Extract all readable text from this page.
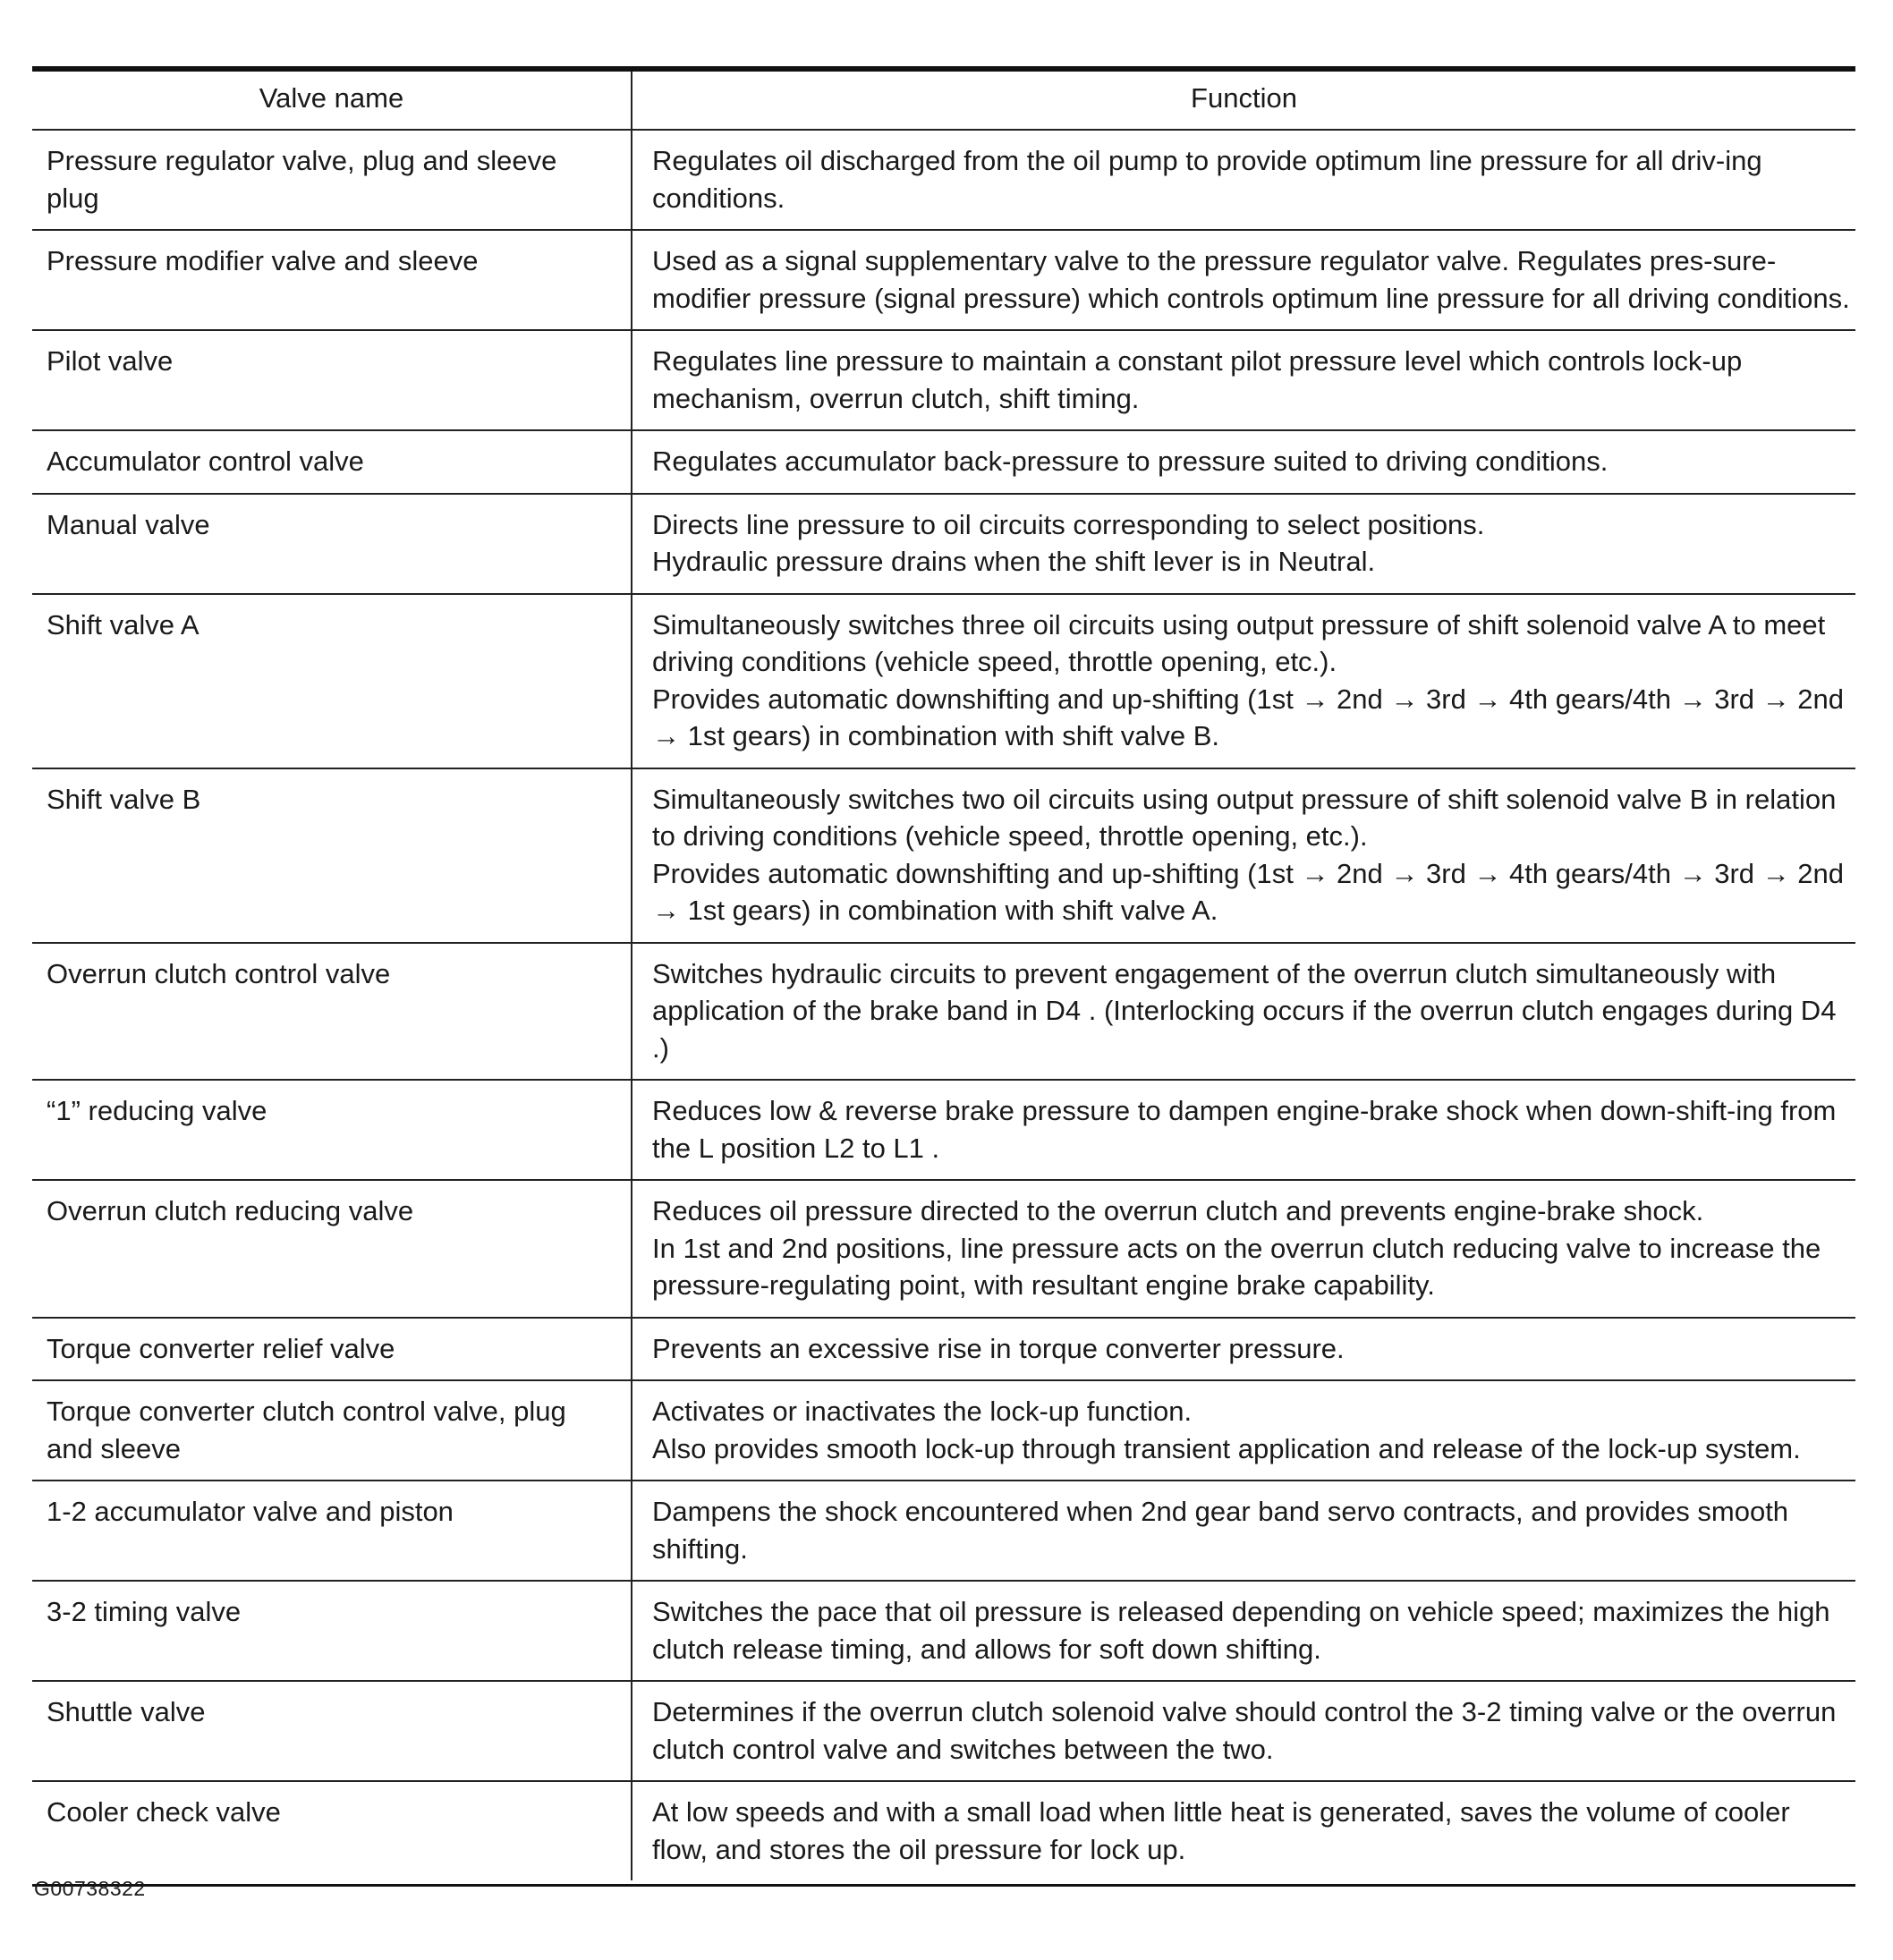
Valve name	Function
Pressure regulator valve, plug and sleeve plug	Regulates oil discharged from the oil pump to provide optimum line pressure for all driv-ing conditions.

Pressure modifier valve and sleeve	Used as a signal supplementary valve to the pressure regulator valve. Regulates pres-sure-modifier pressure (signal pressure) which controls optimum line pressure for all driving conditions.

Pilot valve	Regulates line pressure to maintain a constant pilot pressure level which controls lock-up mechanism, overrun clutch, shift timing.

Accumulator control valve	Regulates accumulator back-pressure to pressure suited to driving conditions.

Manual valve	Directs line pressure to oil circuits corresponding to select positions.
Hydraulic pressure drains when the shift lever is in Neutral.

Shift valve A	Simultaneously switches three oil circuits using output pressure of shift solenoid valve A to meet driving conditions (vehicle speed, throttle opening, etc.).
Provides automatic downshifting and up-shifting (1st → 2nd → 3rd → 4th gears/4th → 3rd → 2nd → 1st gears) in combination with shift valve B.

Shift valve B	Simultaneously switches two oil circuits using output pressure of shift solenoid valve B in relation to driving conditions (vehicle speed, throttle opening, etc.).
Provides automatic downshifting and up-shifting (1st → 2nd → 3rd → 4th gears/4th → 3rd → 2nd → 1st gears) in combination with shift valve A.

Overrun clutch control valve	Switches hydraulic circuits to prevent engagement of the overrun clutch simultaneously with application of the brake band in D4 . (Interlocking occurs if the overrun clutch engages during D4 .)

“1” reducing valve	Reduces low & reverse brake pressure to dampen engine-brake shock when down-shift-ing from the L position L2 to L1 .

Overrun clutch reducing valve	Reduces oil pressure directed to the overrun clutch and prevents engine-brake shock.
In 1st and 2nd positions, line pressure acts on the overrun clutch reducing valve to increase the pressure-regulating point, with resultant engine brake capability.

Torque converter relief valve	Prevents an excessive rise in torque converter pressure.

Torque converter clutch control valve, plug and sleeve	Activates or inactivates the lock-up function.
Also provides smooth lock-up through transient application and release of the lock-up system.

1-2 accumulator valve and piston	Dampens the shock encountered when 2nd gear band servo contracts, and provides smooth shifting.

3-2 timing valve	Switches the pace that oil pressure is released depending on vehicle speed; maximizes the high clutch release timing, and allows for soft down shifting.

Shuttle valve	Determines if the overrun clutch solenoid valve should control the 3-2 timing valve or the overrun clutch control valve and switches between the two.

Cooler check valve	At low speeds and with a small load when little heat is generated, saves the volume of cooler flow, and stores the oil pressure for lock up.
G00738322
